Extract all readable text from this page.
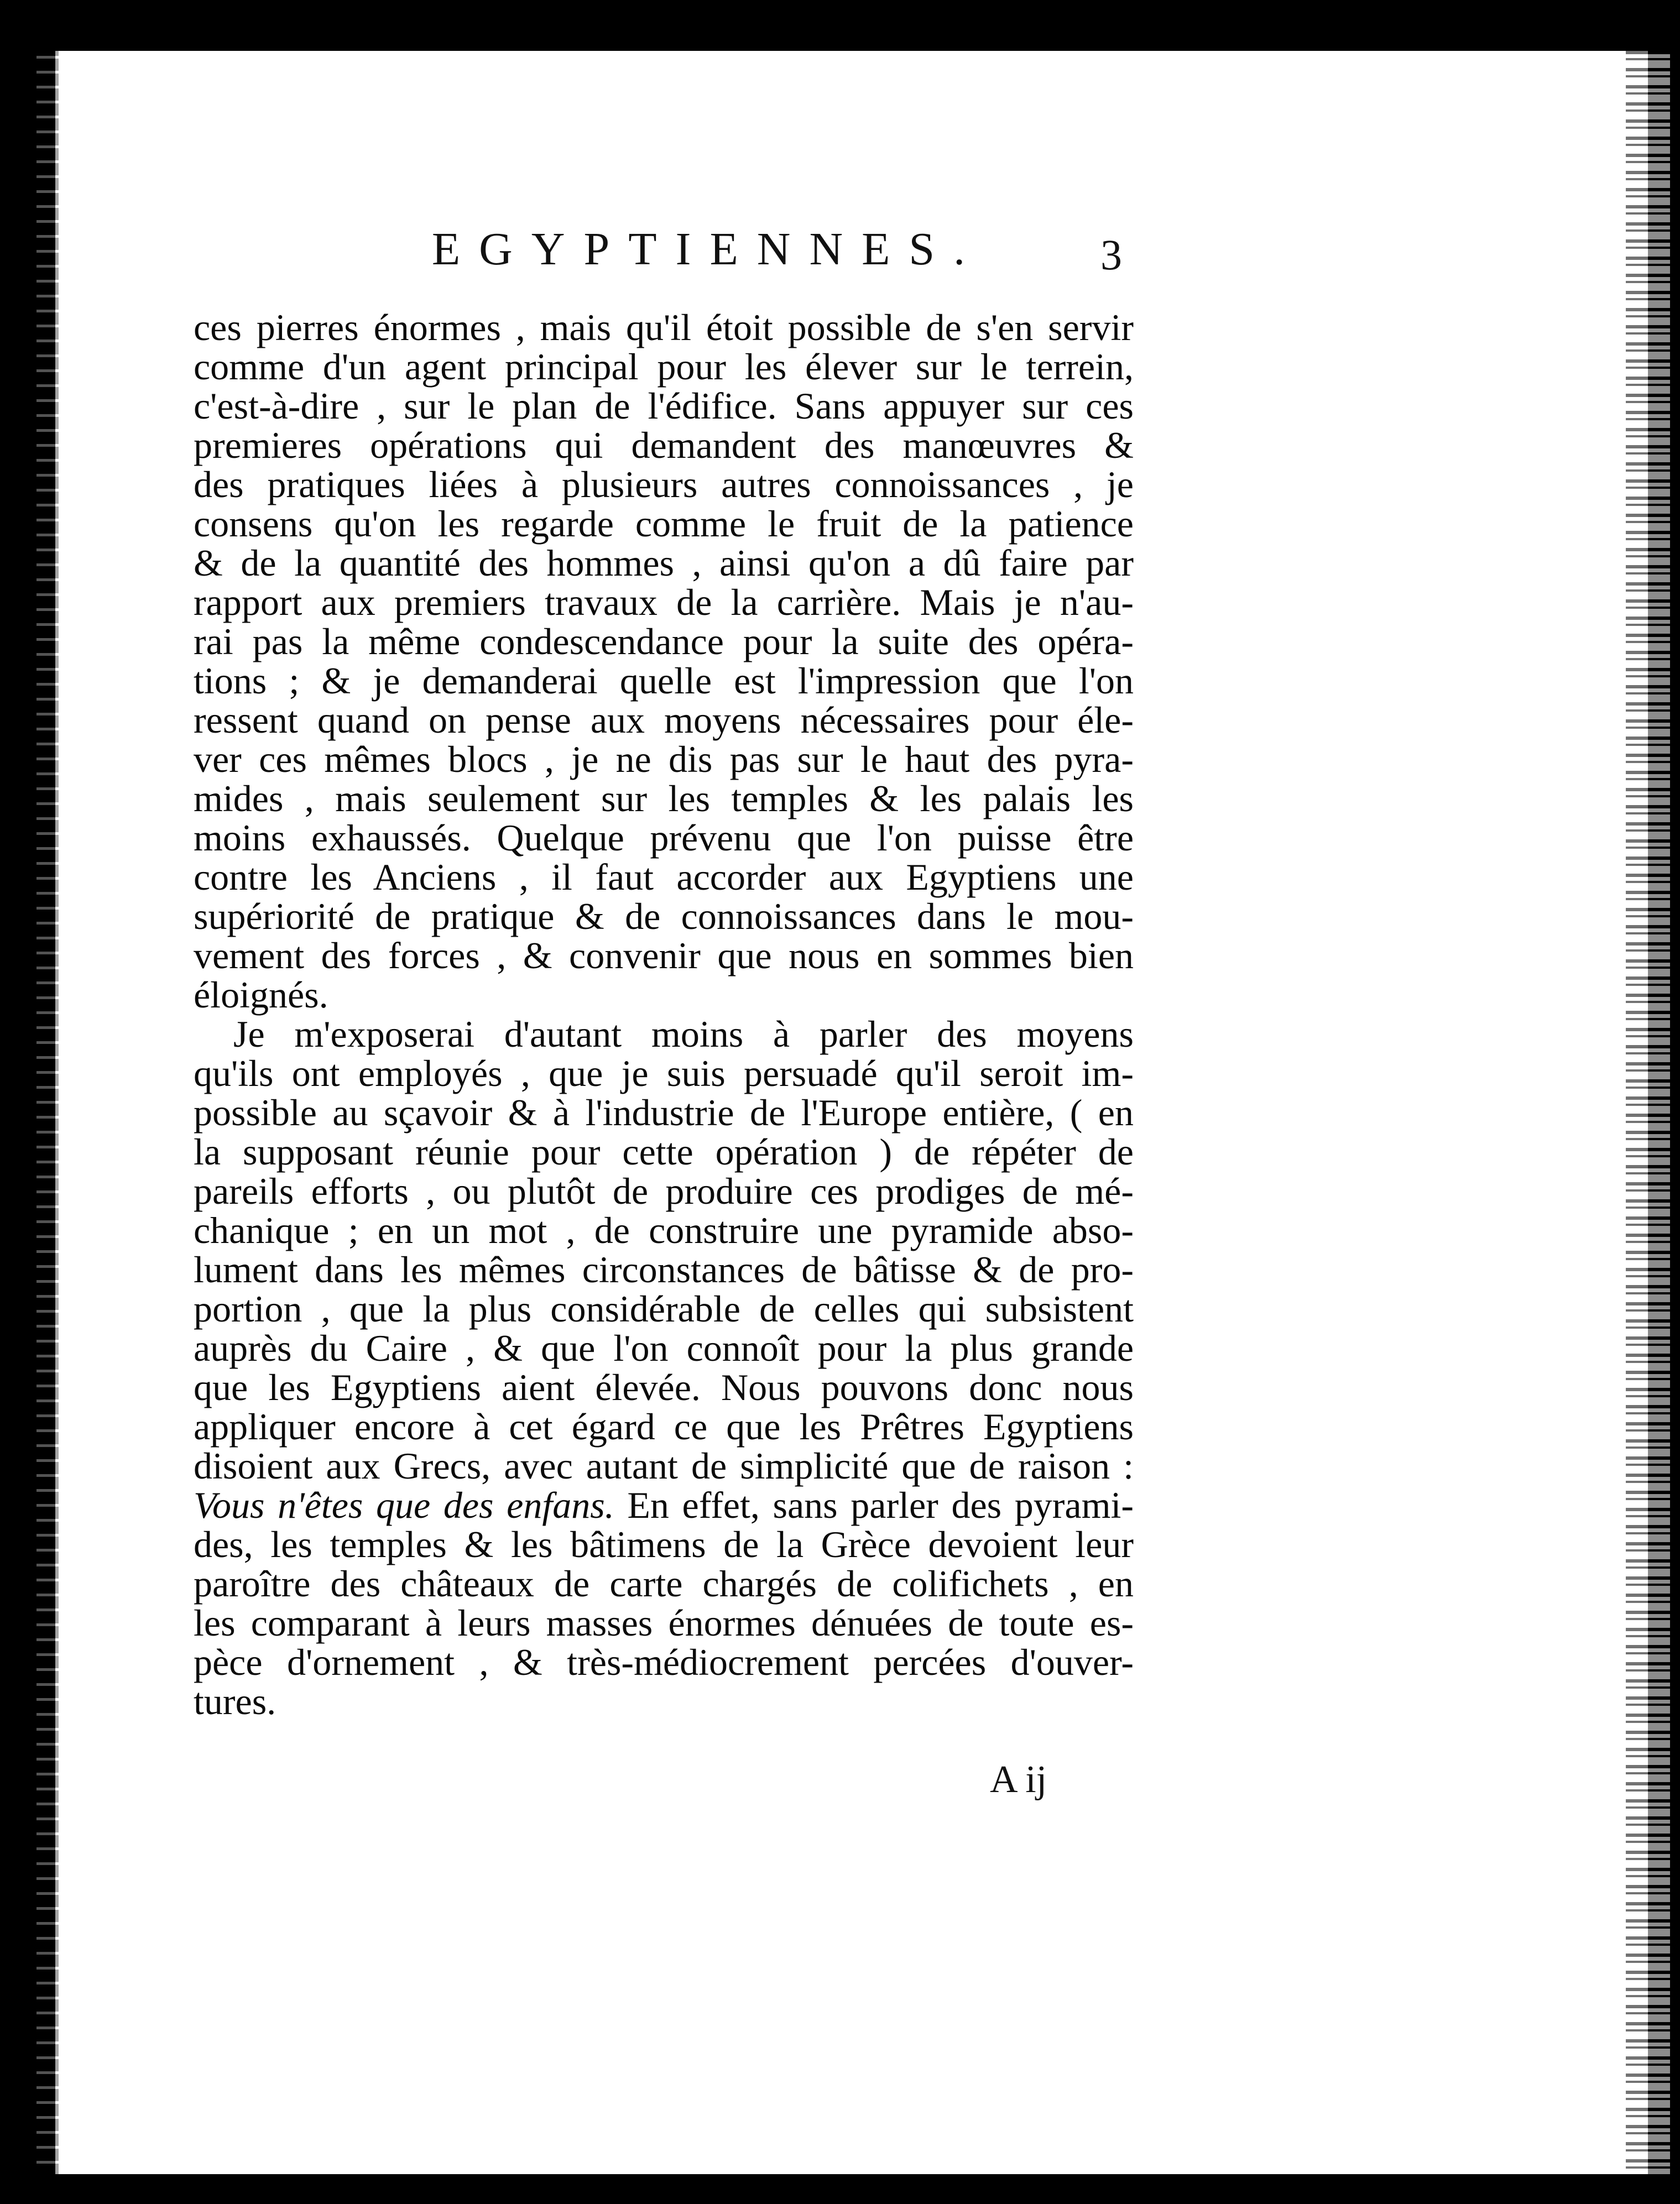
EGYPTIENNES.	3
ces pierres énormes , mais qu'il étoit possible de s'en servir
comme d'un agent principal pour les élever sur le terrein,
c'est-à-dire , sur le plan de l'édifice. Sans appuyer sur ces
premieres opérations qui demandent des manœuvres &
des pratiques liées à plusieurs autres connoissances , je
consens qu'on les regarde comme le fruit de la patience
& de la quantité des hommes , ainsi qu'on a dû faire par
rapport aux premiers travaux de la carrière. Mais je n'au-
rai pas la même condescendance pour la suite des opéra-
tions ; & je demanderai quelle est l'impression que l'on
ressent quand on pense aux moyens nécessaires pour éle-
ver ces mêmes blocs , je ne dis pas sur le haut des pyra-
mides , mais seulement sur les temples & les palais les
moins exhaussés. Quelque prévenu que l'on puisse être
contre les Anciens , il faut accorder aux Egyptiens une
supériorité de pratique & de connoissances dans le mou-
vement des forces , & convenir que nous en sommes bien
éloignés.
Je m'exposerai d'autant moins à parler des moyens
qu'ils ont employés , que je suis persuadé qu'il seroit im-
possible au sçavoir & à l'industrie de l'Europe entière, ( en
la supposant réunie pour cette opération ) de répéter de
pareils efforts , ou plutôt de produire ces prodiges de mé-
chanique ; en un mot , de construire une pyramide abso-
lument dans les mêmes circonstances de bâtisse & de pro-
portion , que la plus considérable de celles qui subsistent
auprès du Caire , & que l'on connoît pour la plus grande
que les Egyptiens aient élevée. Nous pouvons donc nous
appliquer encore à cet égard ce que les Prêtres Egyptiens
disoient aux Grecs, avec autant de simplicité que de raison :
Vous n'êtes que des enfans. En effet, sans parler des pyrami-
des, les temples & les bâtimens de la Grèce devoient leur
paroître des châteaux de carte chargés de colifichets , en
les comparant à leurs masses énormes dénuées de toute es-
pèce d'ornement , & très-médiocrement percées d'ouver-
tures.
A ij
